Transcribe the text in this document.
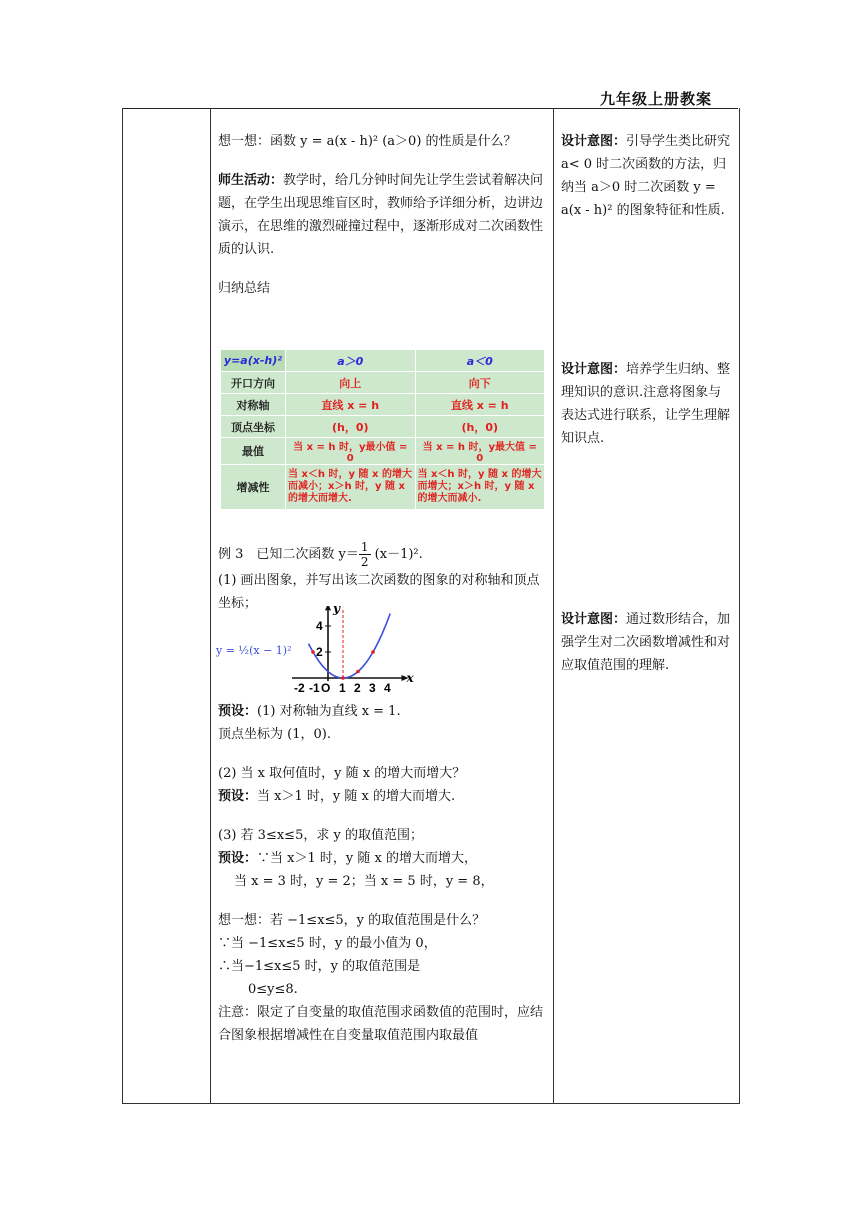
九年级上册教案

想一想：函数 y = a(x - h)² (a＞0) 的性质是什么？

师生活动：教学时，给几分钟时间先让学生尝试着解决问题，在学生出现思维盲区时，教师给予详细分析，边讲边演示，在思维的激烈碰撞过程中，逐渐形成对二次函数性质的认识.

归纳总结

y=a(x-h)²	a＞0	a＜0
开口方向	向上	向下
对称轴	直线 x = h	直线 x = h
顶点坐标	(h，0)	(h，0)
最值	当 x = h 时，y最小值 = 0	当 x = h 时，y最大值 = 0
增减性	当 x＜h 时，y 随 x 的增大而减小；x＞h 时，y 随 x 的增大而增大.	当 x＜h 时，y 随 x 的增大而增大；x＞h 时，y 随 x 的增大而减小.

例 3　已知二次函数 $y= \frac{1}{2} (x-1)^2$.

(1) 画出图象，并写出该二次函数的图象的对称轴和顶点坐标；

x
y
-2 -1 O 1 2 3 4
2
4
y = ½(x − 1)²

预设：(1) 对称轴为直线 x = 1.

顶点坐标为 (1，0).

(2) 当 x 取何值时，y 随 x 的增大而增大？

预设：当 x＞1 时，y 随 x 的增大而增大.

(3) 若 3≤x≤5，求 y 的取值范围；

预设：∵当 x＞1 时，y 随 x 的增大而增大，

当 x = 3 时，y = 2；当 x = 5 时，y = 8，

想一想：若 −1≤x≤5，y 的取值范围是什么？

∵当 −1≤x≤5 时，y 的最小值为 0，

∴当−1≤x≤5 时，y 的取值范围是

0≤y≤8.

注意：限定了自变量的取值范围求函数值的范围时，应结合图象根据增减性在自变量取值范围内取最值

设计意图：引导学生类比研究 a< 0 时二次函数的方法，归纳当 a＞0 时二次函数 y = a(x - h)² 的图象特征和性质.

设计意图：培养学生归纳、整理知识的意识.注意将图象与表达式进行联系，让学生理解知识点.

设计意图：通过数形结合，加强学生对二次函数增减性和对应取值范围的理解.
